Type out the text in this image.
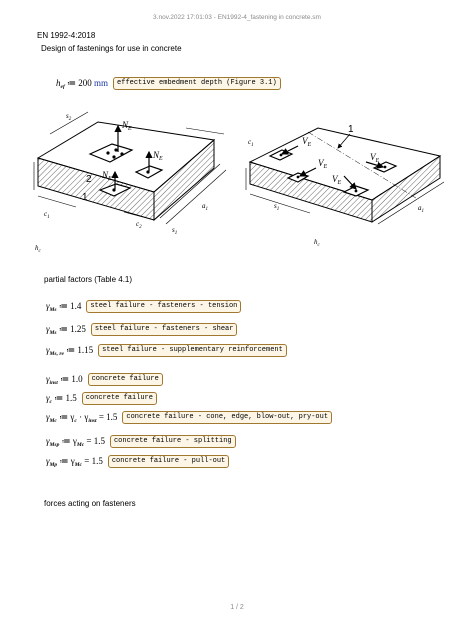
3.nov.2022 17:01:03 - EN1992-4_fastening in concrete.sm
EN 1992-4:2018
Design of fastenings for use in concrete
$h_{ef}$ ≔ 200 mm	effective embedment depth (Figure 3.1)
$N_E$
$N_E$
$N_E$
2
1
$c_1$
$c_2$	$s_1$
$s_2$
$a_1$
$h_c$
$V_E$
$V_E$
$V_E$
$V_E$
1
$c_1$
$s_1$	$a_1$
$h_c$
partial factors (Table 4.1)
$\gamma_{Ms}$ ≔ 1.4	steel failure - fasteners - tension
$\gamma_{Ms}$ ≔ 1.25	steel failure - fasteners - shear
$\gamma_{Ms, re}$ ≔ 1.15	steel failure - supplementary reinforcement
$\gamma_{inst}$ ≔ 1.0	concrete failure
$\gamma_c$ ≔ 1.5	concrete failure
$\gamma_{Mc}$ ≔ $\gamma_c \cdot \gamma_{inst} = 1.5$	concrete failure - cone, edge, blow-out, pry-out
$\gamma_{Msp}$ ≔ $\gamma_{Mc} = 1.5$	concrete failure - splitting
$\gamma_{Mp}$ ≔ $\gamma_{Mc} = 1.5$	concrete failure - pull-out
forces acting on fasteners
1 / 2
